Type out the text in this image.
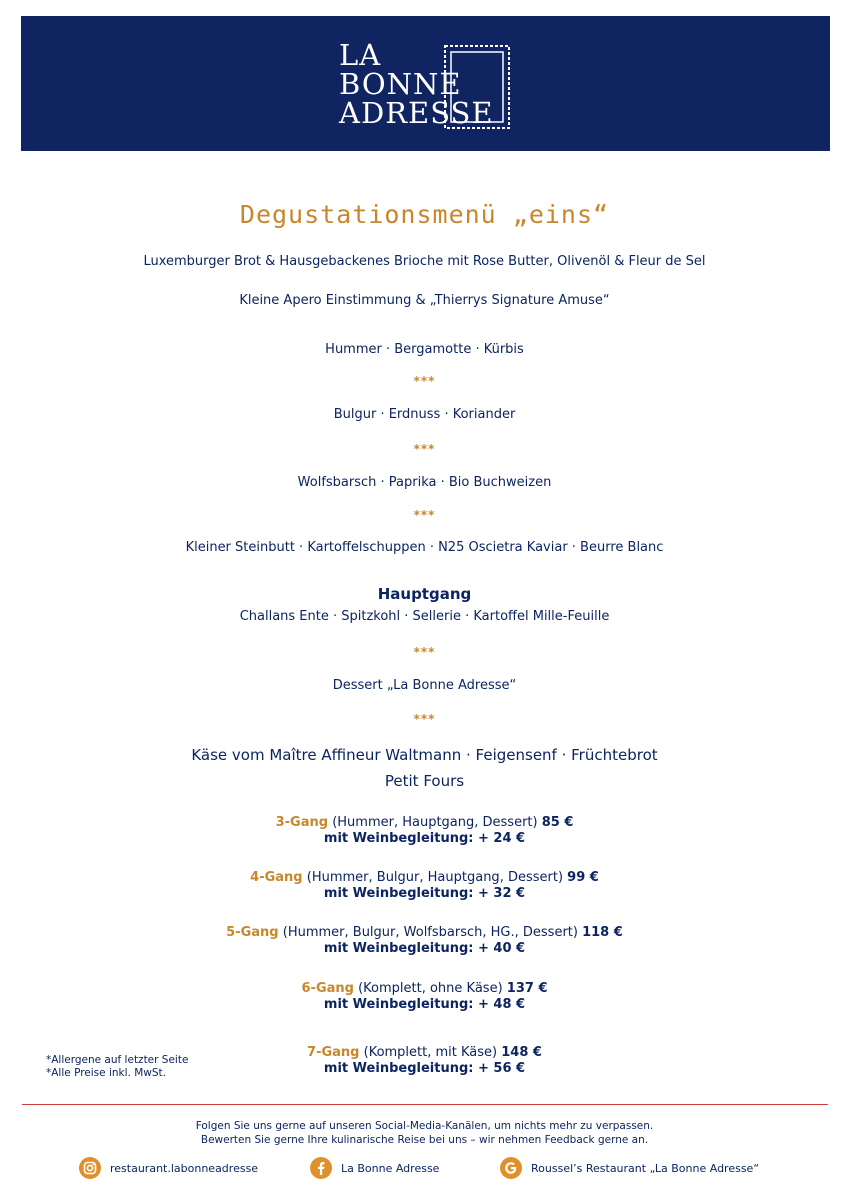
LA
BONNE
ADRESSE
Degustationsmenü „eins“
Luxemburger Brot & Hausgebackenes Brioche mit Rose Butter, Olivenöl & Fleur de Sel
Kleine Apero Einstimmung & „Thierrys Signature Amuse“
Hummer · Bergamotte · Kürbis
***
Bulgur · Erdnuss · Koriander
***
Wolfsbarsch · Paprika · Bio Buchweizen
***
Kleiner Steinbutt · Kartoffelschuppen · N25 Oscietra Kaviar · Beurre Blanc
Hauptgang
Challans Ente · Spitzkohl · Sellerie · Kartoffel Mille-Feuille
***
Dessert „La Bonne Adresse“
***
Käse vom Maître Affineur Waltmann · Feigensenf · Früchtebrot
Petit Fours
3-Gang (Hummer, Hauptgang, Dessert) 85 €
mit Weinbegleitung: + 24 €
4-Gang (Hummer, Bulgur, Hauptgang, Dessert) 99 €
mit Weinbegleitung: + 32 €
5-Gang (Hummer, Bulgur, Wolfsbarsch, HG., Dessert) 118 €
mit Weinbegleitung: + 40 €
6-Gang (Komplett, ohne Käse) 137 €
mit Weinbegleitung: + 48 €
7-Gang (Komplett, mit Käse) 148 €
mit Weinbegleitung: + 56 €
*Allergene auf letzter Seite
*Alle Preise inkl. MwSt.
Folgen Sie uns gerne auf unseren Social-Media-Kanälen, um nichts mehr zu verpassen.
Bewerten Sie gerne Ihre kulinarische Reise bei uns – wir nehmen Feedback gerne an.
restaurant.labonneadresse	La Bonne Adresse	Roussel’s Restaurant „La Bonne Adresse“
